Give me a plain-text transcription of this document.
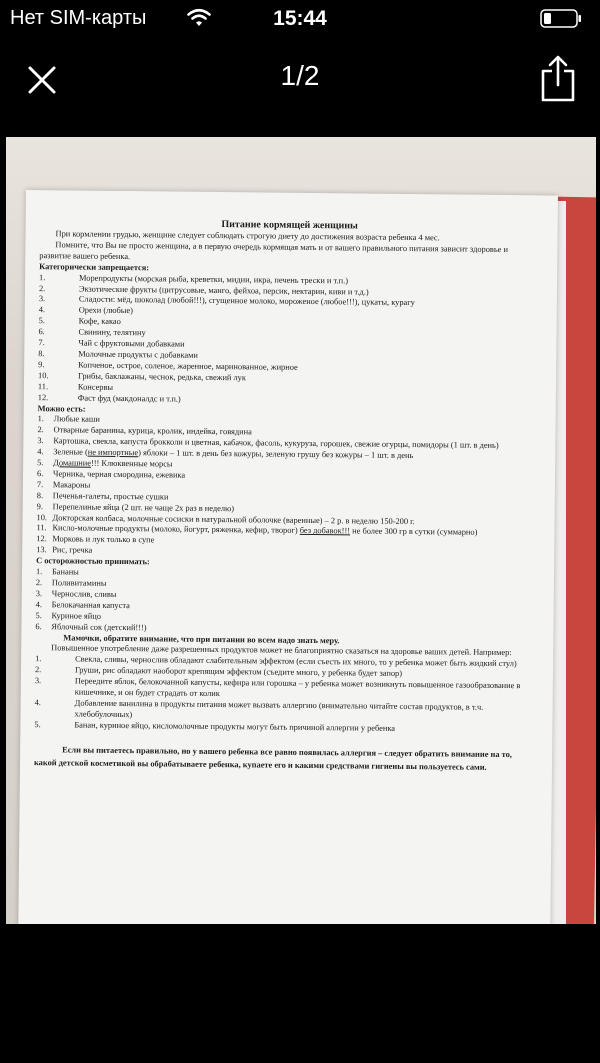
Нет SIM-карты	15:44
1/2
Питание кормящей женщины
При кормлении грудью, женщине следует соблюдать строгую диету до достижения возраста ребенка 4 мес.
Помните, что Вы не просто женщина, а в первую очередь кормящая мать и от вашего правильного питания зависит здоровье и развитие вашего ребенка.
Категорически запрещается:
1.	Морепродукты (морская рыба, креветки, мидии, икра, печень трески и т.п.)
2.	Экзотические фрукты (цитрусовые, манго, фейхоа, персик, нектарин, киви и т.д.)
3.	Сладости: мёд, шоколад (любой!!!), сгущенное молоко, мороженое (любое!!!), цукаты, курагу
4.	Орехи (любые)
5.	Кофе, какао
6.	Свинину, телятину
7.	Чай с фруктовыми добавками
8.	Молочные продукты с добавками
9.	Копченое, острое, соленое, жаренное, маринованное, жирное
10.	Грибы, баклажаны, чеснок, редька, свежий лук
11.	Консервы
12.	Фаст фуд (макдоналдс и т.п.)
Можно есть:
1.	Любые каши
2.	Отварные баранина, курица, кролик, индейка, говядина
3.	Картошка, свекла, капуста брокколи и цветная, кабачок, фасоль, кукуруза, горошек, свежие огурцы, помидоры (1 шт. в день)
4.	Зеленые (не импортные) яблоки – 1 шт. в день без кожуры, зеленую грушу без кожуры – 1 шт. в день
5.	Домашние!!! Клюквенные морсы
6.	Черника, черная смородина, ежевика
7.	Макароны
8.	Печенья-галеты, простые сушки
9.	Перепелиные яйца (2 шт. не чаще 2х раз в неделю)
10. Докторская колбаса, молочные сосиски в натуральной оболочке (варенные) – 2 р. в неделю 150-200 г.
11. Кисло-молочные продукты (молоко, йогурт, ряженка, кефир, творог) без добавок!!! не более 300 гр в сутки (суммарно)
12. Морковь и лук только в супе
13. Рис, гречка
С осторожностью принимать:
1.	Бананы
2.	Поливитамины
3.	Чернослив, сливы
4.	Белокачанная капуста
5.	Куриное яйцо
6.	Яблочный сок (детский!!!)
Мамочки, обратите внимание, что при питании во всем надо знать меру.
Повышенное употребление даже разрешенных продуктов может не благоприятно сказаться на здоровье ваших детей. Например:
1.	Свекла, сливы, чернослив обладают слабительным эффектом (если съесть их много, то у ребенка может быть жидкий стул)
2.	Груши, рис обладают наоборот крепящим эффектом (съедите много, у ребенка будет запор)
3.	Переедите яблок, белокочанной капусты, кефира или горошка – у ребенка может возникнуть повышенное газообразование в кишечнике, и он будет страдать от колик
4.	Добавление ванилина в продукты питания может вызвать аллергию (внимательно читайте состав продуктов, в т.ч. хлебобулочных)
5.	Банан, куриное яйцо, кисломолочные продукты могут быть причиной аллергии у ребенка
Если вы питаетесь правильно, но у вашего ребенка все равно появилась аллергия – следует обратить внимание на то, какой детской косметикой вы обрабатываете ребенка, купаете его и какими средствами гигиены вы пользуетесь сами.
